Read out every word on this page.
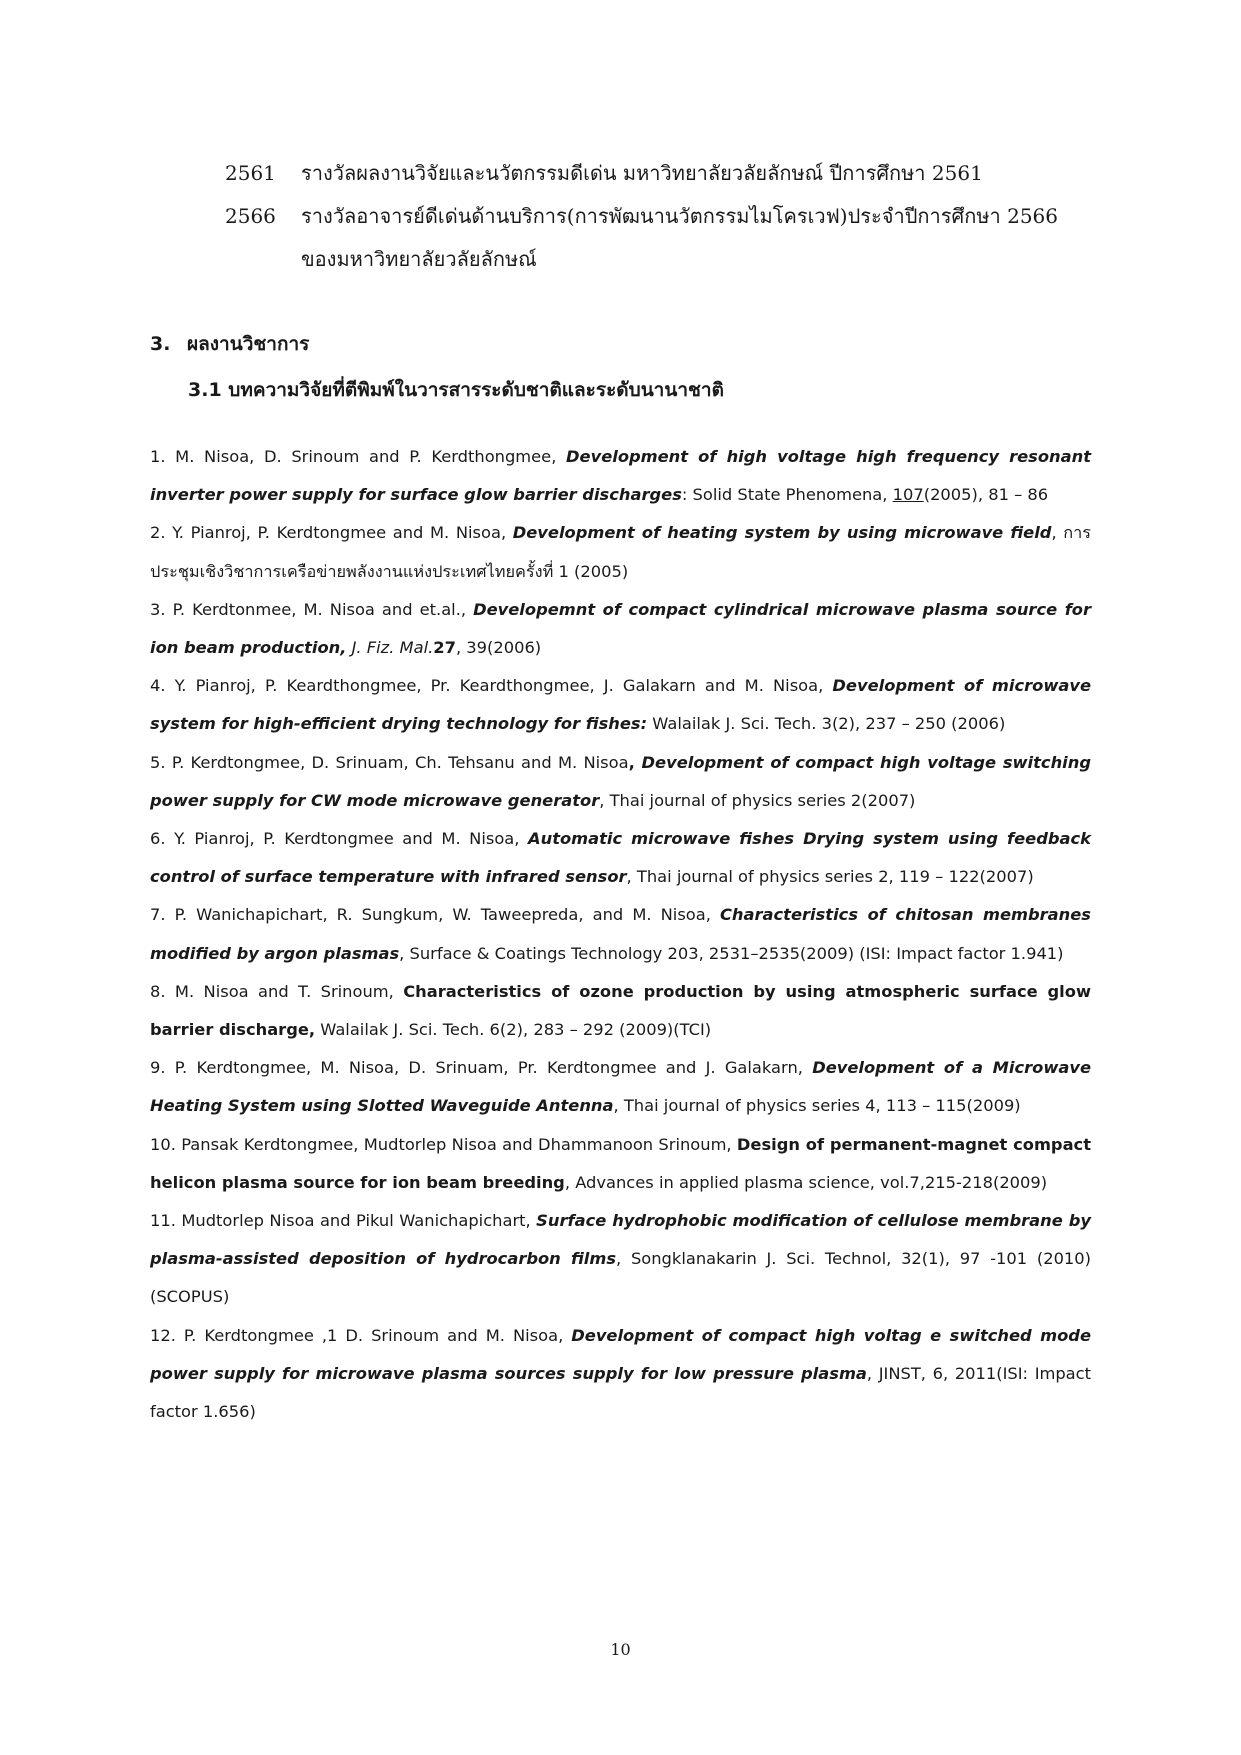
2561	รางวัลผลงานวิจัยและนวัตกรรมดีเด่น มหาวิทยาลัยวลัยลักษณ์ ปีการศึกษา 2561
2566	รางวัลอาจารย์ดีเด่นด้านบริการ(การพัฒนานวัตกรรมไมโครเวฟ)ประจำปีการศึกษา 2566
ของมหาวิทยาลัยวลัยลักษณ์
3. ผลงานวิชาการ
3.1 บทความวิจัยที่ตีพิมพ์ในวารสารระดับชาติและระดับนานาชาติ

1. M. Nisoa, D. Srinoum and P. Kerdthongmee, Development of high voltage high frequency resonant inverter power supply for surface glow barrier discharges: Solid State Phenomena, 107(2005), 81 – 86

2. Y. Pianroj, P. Kerdtongmee and M. Nisoa, Development of heating system by using microwave field, การประชุมเชิงวิชาการเครือข่ายพลังงานแห่งประเทศไทยครั้งที่ 1 (2005)

3. P. Kerdtonmee, M. Nisoa and et.al., Developemnt of compact cylindrical microwave plasma source for ion beam production, J. Fiz. Mal.27, 39(2006)

4. Y. Pianroj, P. Keardthongmee, Pr. Keardthongmee, J. Galakarn and M. Nisoa, Development of microwave system for high-efficient drying technology for fishes: Walailak J. Sci. Tech. 3(2), 237 – 250 (2006)

5. P. Kerdtongmee, D. Srinuam, Ch. Tehsanu and M. Nisoa, Development of compact high voltage switching power supply for CW mode microwave generator, Thai journal of physics series 2(2007)

6. Y. Pianroj, P. Kerdtongmee and M. Nisoa, Automatic microwave fishes Drying system using feedback control of surface temperature with infrared sensor, Thai journal of physics series 2, 119 – 122(2007)

7. P. Wanichapichart, R. Sungkum, W. Taweepreda, and M. Nisoa, Characteristics of chitosan membranes modified by argon plasmas, Surface & Coatings Technology 203, 2531–2535(2009) (ISI: Impact factor 1.941)

8. M. Nisoa and T. Srinoum, Characteristics of ozone production by using atmospheric surface glow barrier discharge, Walailak J. Sci. Tech. 6(2), 283 – 292 (2009)(TCI)

9. P. Kerdtongmee, M. Nisoa, D. Srinuam, Pr. Kerdtongmee and J. Galakarn, Development of a Microwave Heating System using Slotted Waveguide Antenna, Thai journal of physics series 4, 113 – 115(2009)

10. Pansak Kerdtongmee, Mudtorlep Nisoa and Dhammanoon Srinoum, Design of permanent-magnet compact helicon plasma source for ion beam breeding, Advances in applied plasma science, vol.7,215-218(2009)

11. Mudtorlep Nisoa and Pikul Wanichapichart, Surface hydrophobic modification of cellulose membrane by plasma-assisted deposition of hydrocarbon films, Songklanakarin J. Sci. Technol, 32(1), 97 -101 (2010)(SCOPUS)

12. P. Kerdtongmee ,1 D. Srinoum and M. Nisoa, Development of compact high voltag e switched mode power supply for microwave plasma sources supply for low pressure plasma, JINST, 6, 2011(ISI: Impact factor 1.656)

10
